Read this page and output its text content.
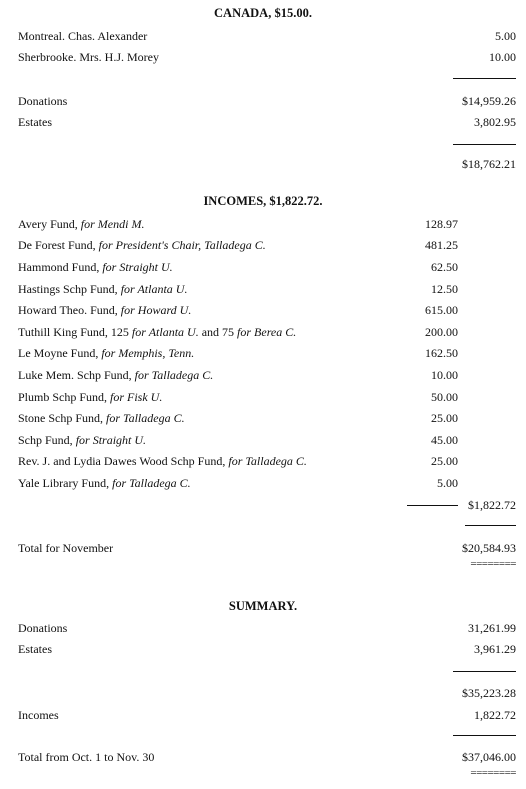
CANADA, $15.00.
Montreal. Chas. Alexander	5.00
Sherbrooke. Mrs. H.J. Morey	10.00
Donations	$14,959.26
Estates	3,802.95
$18,762.21
INCOMES, $1,822.72.
Avery Fund, for Mendi M.	128.97
De Forest Fund, for President's Chair, Talladega C.	481.25
Hammond Fund, for Straight U.	62.50
Hastings Schp Fund, for Atlanta U.	12.50
Howard Theo. Fund, for Howard U.	615.00
Tuthill King Fund, 125 for Atlanta U. and 75 for Berea C.	200.00
Le Moyne Fund, for Memphis, Tenn.	162.50
Luke Mem. Schp Fund, for Talladega C.	10.00
Plumb Schp Fund, for Fisk U.	50.00
Stone Schp Fund, for Talladega C.	25.00
Schp Fund, for Straight U.	45.00
Rev. J. and Lydia Dawes Wood Schp Fund, for Talladega C.	25.00
Yale Library Fund, for Talladega C.	5.00
$1,822.72
Total for November	$20,584.93
========
SUMMARY.
Donations	31,261.99
Estates	3,961.29
$35,223.28
Incomes	1,822.72
Total from Oct. 1 to Nov. 30	$37,046.00
========
